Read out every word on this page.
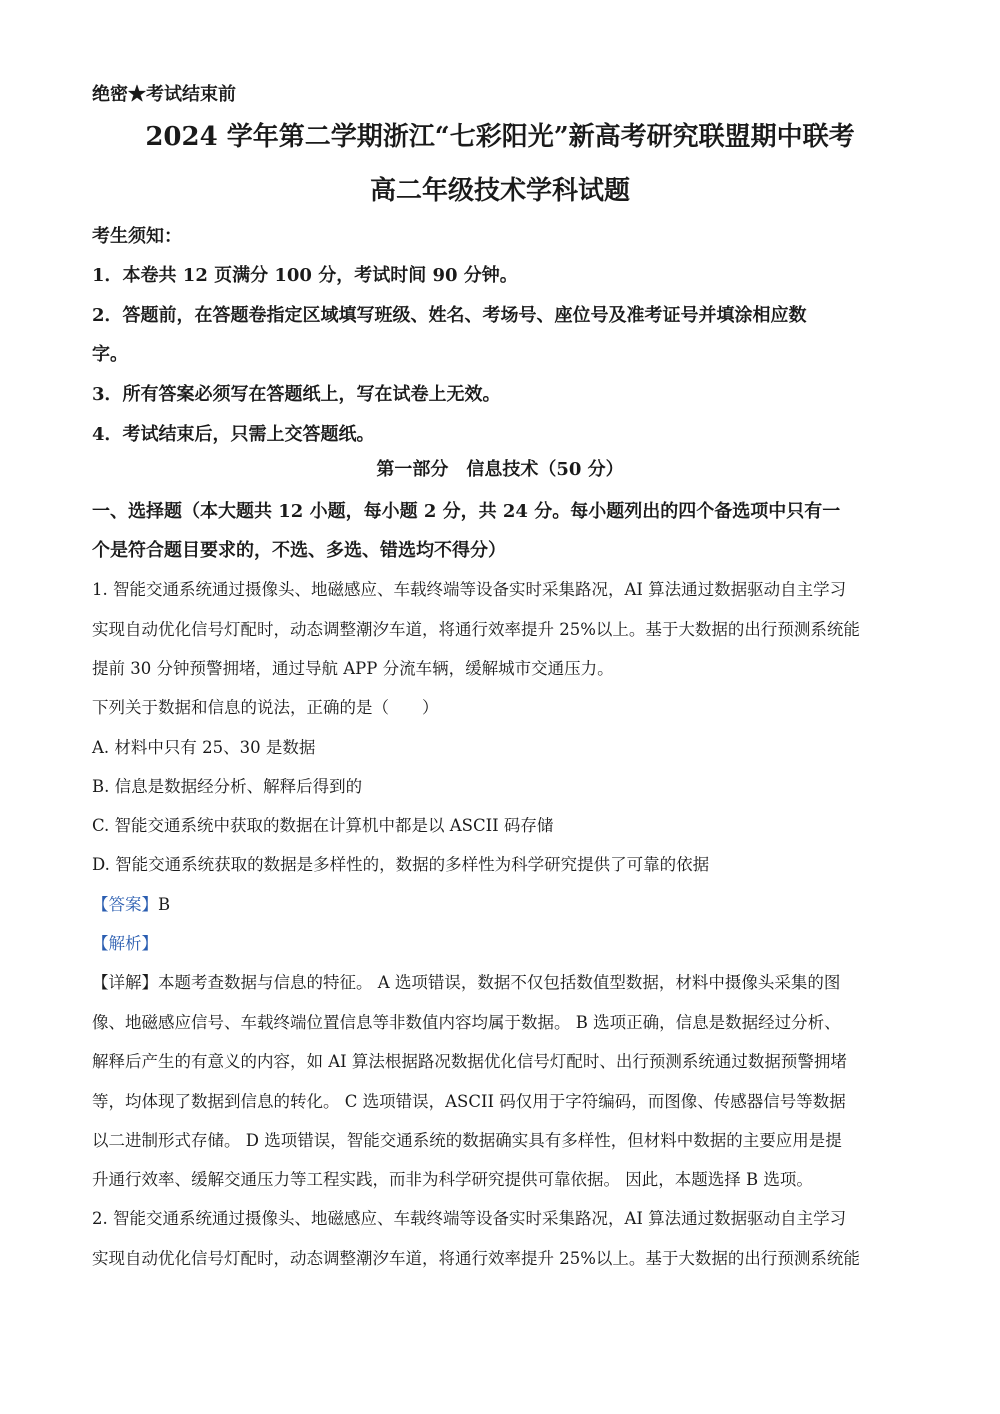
绝密★考试结束前
2024 学年第二学期浙江“七彩阳光”新高考研究联盟期中联考
高二年级技术学科试题
考生须知：
1．本卷共 12 页满分 100 分，考试时间 90 分钟。
2．答题前，在答题卷指定区域填写班级、姓名、考场号、座位号及准考证号并填涂相应数
字。
3．所有答案必须写在答题纸上，写在试卷上无效。
4．考试结束后，只需上交答题纸。
第一部分　信息技术（50 分）
一、选择题（本大题共 12 小题，每小题 2 分，共 24 分。每小题列出的四个备选项中只有一
个是符合题目要求的，不选、多选、错选均不得分）
1. 智能交通系统通过摄像头、地磁感应、车载终端等设备实时采集路况，AI 算法通过数据驱动自主学习
实现自动优化信号灯配时，动态调整潮汐车道，将通行效率提升 25%以上。基于大数据的出行预测系统能
提前 30 分钟预警拥堵，通过导航 APP 分流车辆，缓解城市交通压力。
下列关于数据和信息的说法，正确的是（　　）
A. 材料中只有 25、30 是数据
B. 信息是数据经分析、解释后得到的
C. 智能交通系统中获取的数据在计算机中都是以 ASCII 码存储
D. 智能交通系统获取的数据是多样性的，数据的多样性为科学研究提供了可靠的依据
【答案】B
【解析】
【详解】本题考查数据与信息的特征。 A 选项错误，数据不仅包括数值型数据，材料中摄像头采集的图
像、地磁感应信号、车载终端位置信息等非数值内容均属于数据。 B 选项正确，信息是数据经过分析、
解释后产生的有意义的内容，如 AI 算法根据路况数据优化信号灯配时、出行预测系统通过数据预警拥堵
等，均体现了数据到信息的转化。 C 选项错误，ASCII 码仅用于字符编码，而图像、传感器信号等数据
以二进制形式存储。 D 选项错误，智能交通系统的数据确实具有多样性，但材料中数据的主要应用是提
升通行效率、缓解交通压力等工程实践，而非为科学研究提供可靠依据。 因此，本题选择 B 选项。
2. 智能交通系统通过摄像头、地磁感应、车载终端等设备实时采集路况，AI 算法通过数据驱动自主学习
实现自动优化信号灯配时，动态调整潮汐车道，将通行效率提升 25%以上。基于大数据的出行预测系统能
